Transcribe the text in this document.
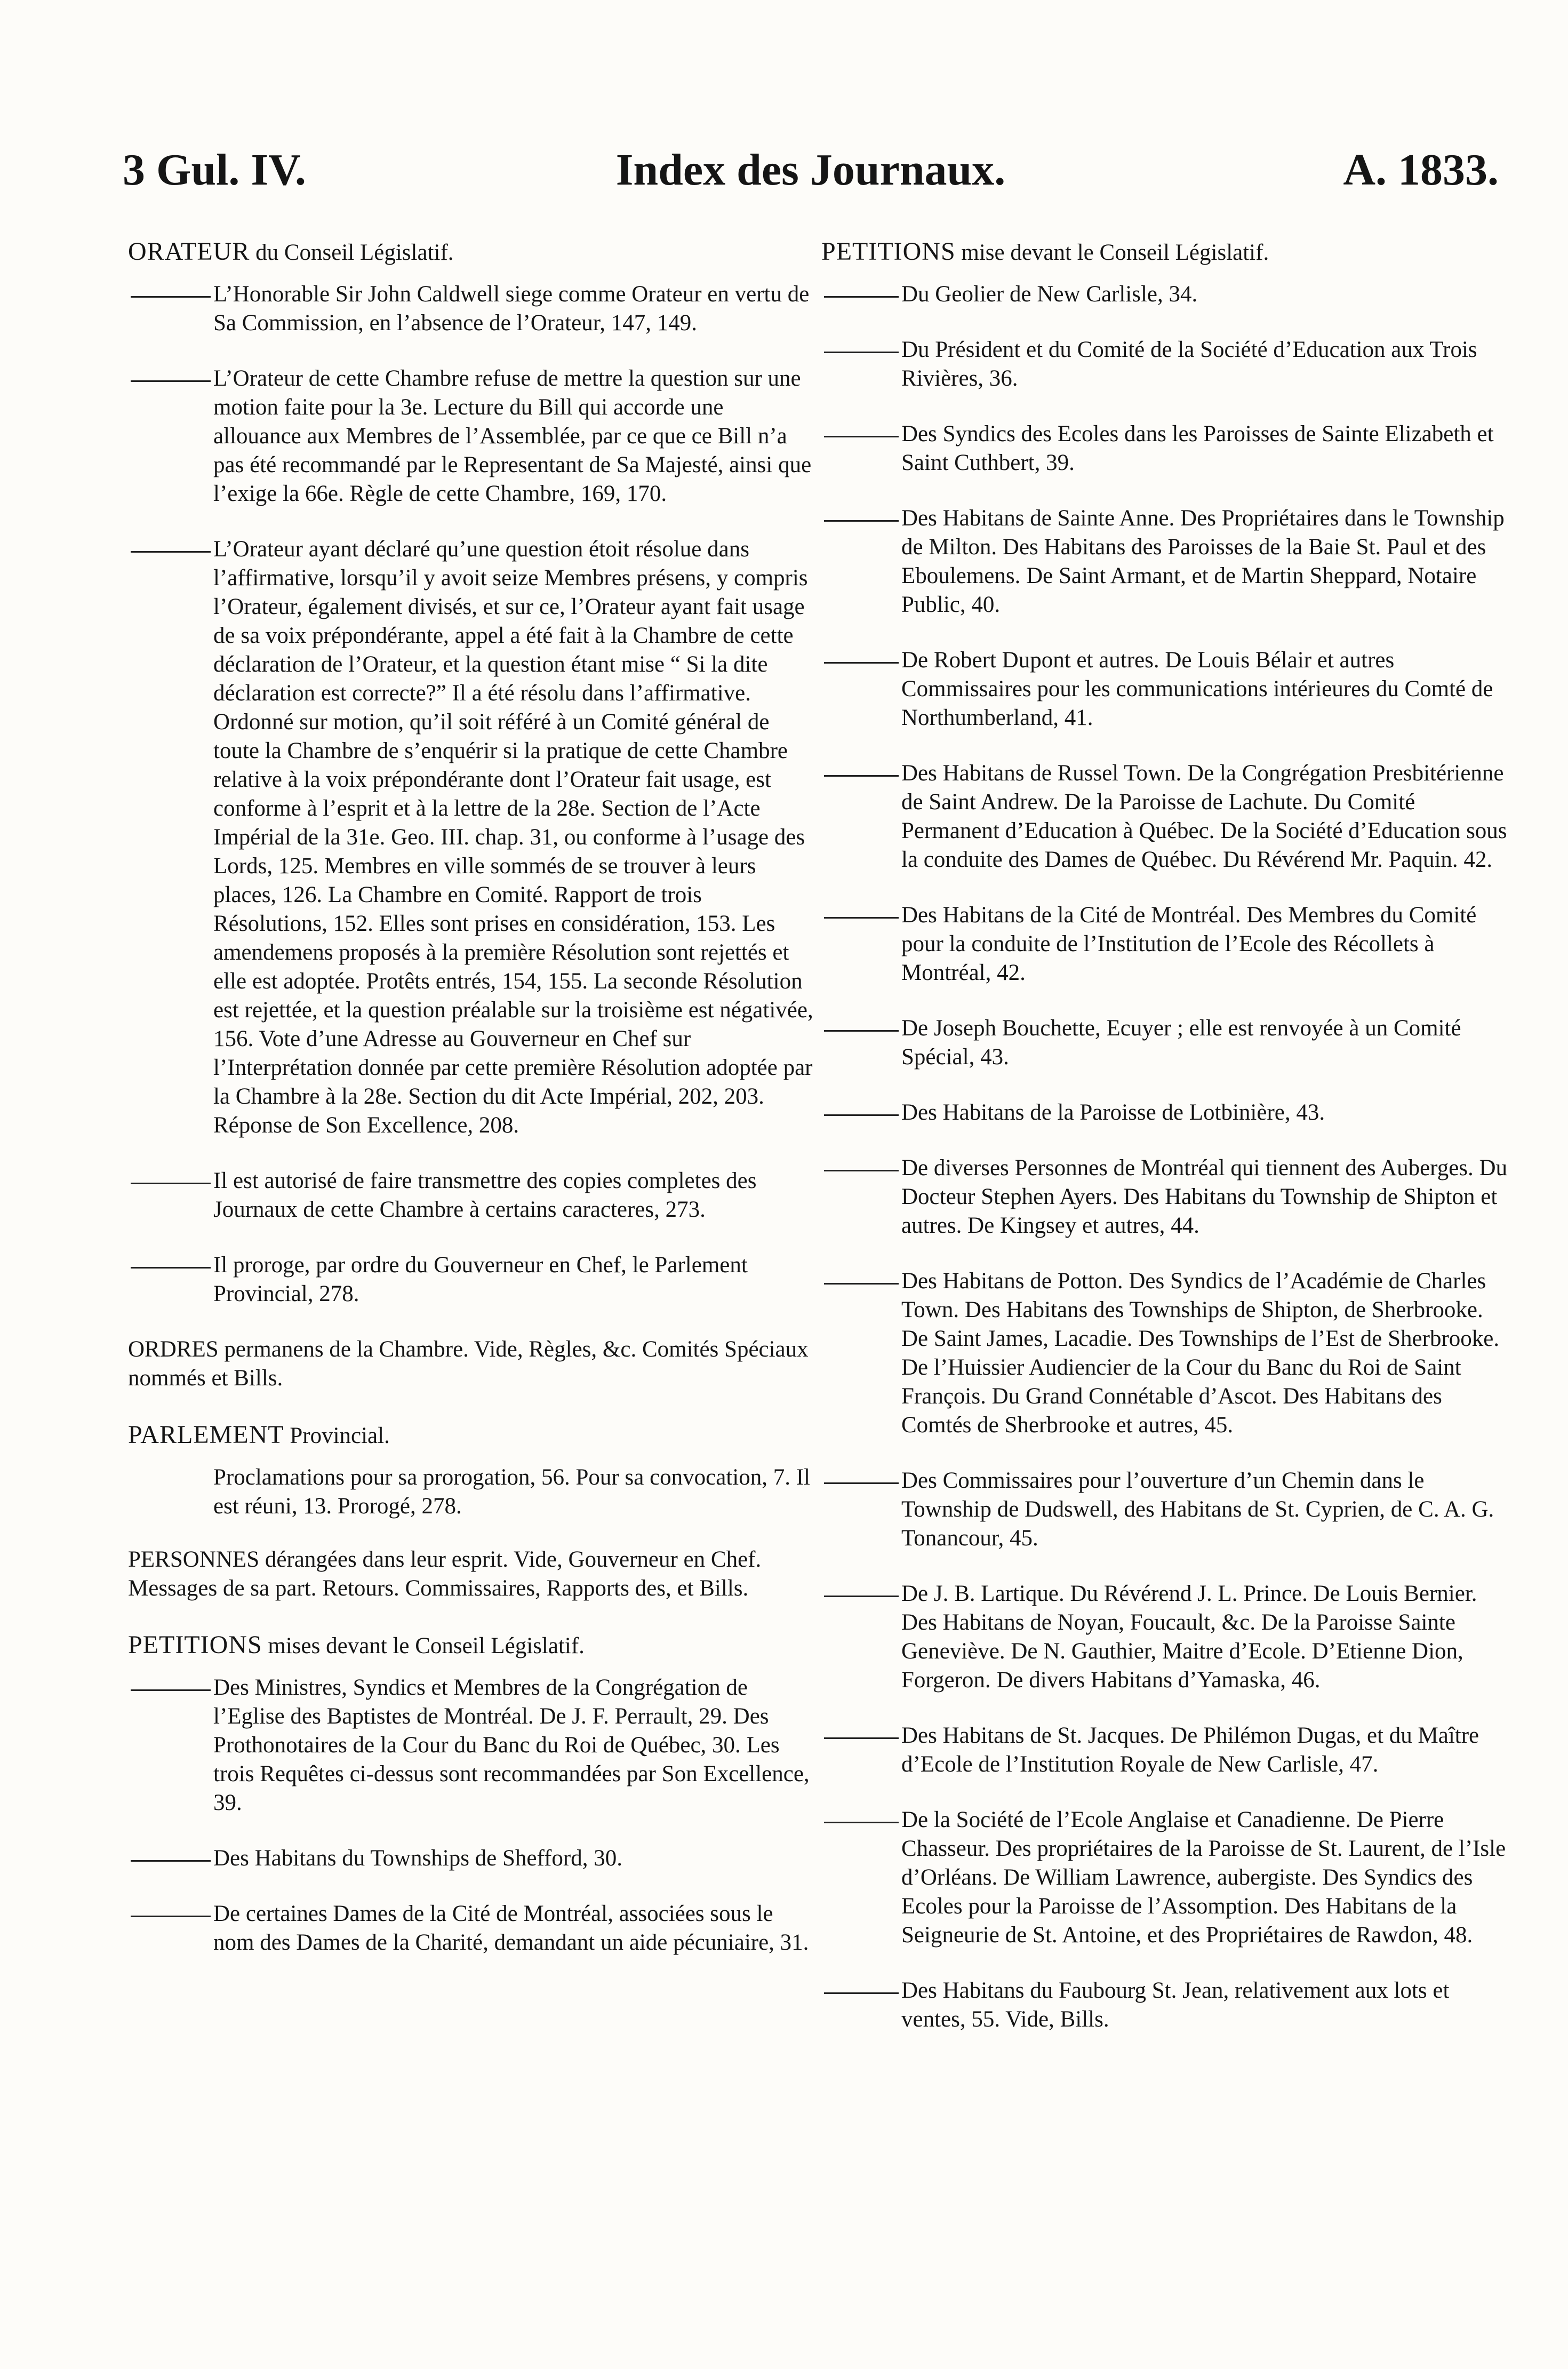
3 Gul. IV.	Index des Journaux.	A. 1833.
ORATEUR du Conseil Législatif.
L’Honorable Sir John Caldwell siege comme Orateur en vertu de Sa Commission, en l’absence de l’Orateur, 147, 149.
L’Orateur de cette Chambre refuse de mettre la question sur une motion faite pour la 3e. Lecture du Bill qui accorde une allouance aux Membres de l’Assemblée, par ce que ce Bill n’a pas été recommandé par le Representant de Sa Majesté, ainsi que l’exige la 66e. Règle de cette Chambre, 169, 170.
L’Orateur ayant déclaré qu’une question étoit résolue dans l’affirmative, lorsqu’il y avoit seize Membres présens, y compris l’Orateur, également divisés, et sur ce, l’Orateur ayant fait usage de sa voix prépondérante, appel a été fait à la Chambre de cette déclaration de l’Orateur, et la question étant mise “ Si la dite déclaration est correcte?” Il a été résolu dans l’affirmative. Ordonné sur motion, qu’il soit référé à un Comité général de toute la Chambre de s’enquérir si la pratique de cette Chambre relative à la voix prépondérante dont l’Orateur fait usage, est conforme à l’esprit et à la lettre de la 28e. Section de l’Acte Impérial de la 31e. Geo. III. chap. 31, ou conforme à l’usage des Lords, 125. Membres en ville sommés de se trouver à leurs places, 126. La Chambre en Comité. Rapport de trois Résolutions, 152. Elles sont prises en considération, 153. Les amendemens proposés à la première Résolution sont rejettés et elle est adoptée. Protêts entrés, 154, 155. La seconde Résolution est rejettée, et la question préalable sur la troisième est négativée, 156. Vote d’une Adresse au Gouverneur en Chef sur l’Interprétation donnée par cette première Résolution adoptée par la Chambre à la 28e. Section du dit Acte Impérial, 202, 203. Réponse de Son Excellence, 208.
Il est autorisé de faire transmettre des copies completes des Journaux de cette Chambre à certains caracteres, 273.
Il proroge, par ordre du Gouverneur en Chef, le Parlement Provincial, 278.
ORDRES permanens de la Chambre. Vide, Règles, &c. Comités Spéciaux nommés et Bills.
PARLEMENT Provincial.
Proclamations pour sa prorogation, 56. Pour sa convocation, 7. Il est réuni, 13. Prorogé, 278.
PERSONNES dérangées dans leur esprit. Vide, Gouverneur en Chef. Messages de sa part. Retours. Commissaires, Rapports des, et Bills.
PETITIONS mises devant le Conseil Législatif.
Des Ministres, Syndics et Membres de la Congrégation de l’Eglise des Baptistes de Montréal. De J. F. Perrault, 29. Des Prothonotaires de la Cour du Banc du Roi de Québec, 30. Les trois Requêtes ci-dessus sont recommandées par Son Excellence, 39.
Des Habitans du Townships de Shefford, 30.
De certaines Dames de la Cité de Montréal, associées sous le nom des Dames de la Charité, demandant un aide pécuniaire, 31.
PETITIONS mise devant le Conseil Législatif.
Du Geolier de New Carlisle, 34.
Du Président et du Comité de la Société d’Education aux Trois Rivières, 36.
Des Syndics des Ecoles dans les Paroisses de Sainte Elizabeth et Saint Cuthbert, 39.
Des Habitans de Sainte Anne. Des Propriétaires dans le Township de Milton. Des Habitans des Paroisses de la Baie St. Paul et des Eboulemens. De Saint Armant, et de Martin Sheppard, Notaire Public, 40.
De Robert Dupont et autres. De Louis Bélair et autres Commissaires pour les communications intérieures du Comté de Northumberland, 41.
Des Habitans de Russel Town. De la Congrégation Presbitérienne de Saint Andrew. De la Paroisse de Lachute. Du Comité Permanent d’Education à Québec. De la Société d’Education sous la conduite des Dames de Québec. Du Révérend Mr. Paquin. 42.
Des Habitans de la Cité de Montréal. Des Membres du Comité pour la conduite de l’Institution de l’Ecole des Récollets à Montréal, 42.
De Joseph Bouchette, Ecuyer ; elle est renvoyée à un Comité Spécial, 43.
Des Habitans de la Paroisse de Lotbinière, 43.
De diverses Personnes de Montréal qui tiennent des Auberges. Du Docteur Stephen Ayers. Des Habitans du Township de Shipton et autres. De Kingsey et autres, 44.
Des Habitans de Potton. Des Syndics de l’Académie de Charles Town. Des Habitans des Townships de Shipton, de Sherbrooke. De Saint James, Lacadie. Des Townships de l’Est de Sherbrooke. De l’Huissier Audiencier de la Cour du Banc du Roi de Saint François. Du Grand Connétable d’Ascot. Des Habitans des Comtés de Sherbrooke et autres, 45.
Des Commissaires pour l’ouverture d’un Chemin dans le Township de Dudswell, des Habitans de St. Cyprien, de C. A. G. Tonancour, 45.
De J. B. Lartique. Du Révérend J. L. Prince. De Louis Bernier. Des Habitans de Noyan, Foucault, &c. De la Paroisse Sainte Geneviève. De N. Gauthier, Maitre d’Ecole. D’Etienne Dion, Forgeron. De divers Habitans d’Yamaska, 46.
Des Habitans de St. Jacques. De Philémon Dugas, et du Maître d’Ecole de l’Institution Royale de New Carlisle, 47.
De la Société de l’Ecole Anglaise et Canadienne. De Pierre Chasseur. Des propriétaires de la Paroisse de St. Laurent, de l’Isle d’Orléans. De William Lawrence, aubergiste. Des Syndics des Ecoles pour la Paroisse de l’Assomption. Des Habitans de la Seigneurie de St. Antoine, et des Propriétaires de Rawdon, 48.
Des Habitans du Faubourg St. Jean, relativement aux lots et ventes, 55. Vide, Bills.
